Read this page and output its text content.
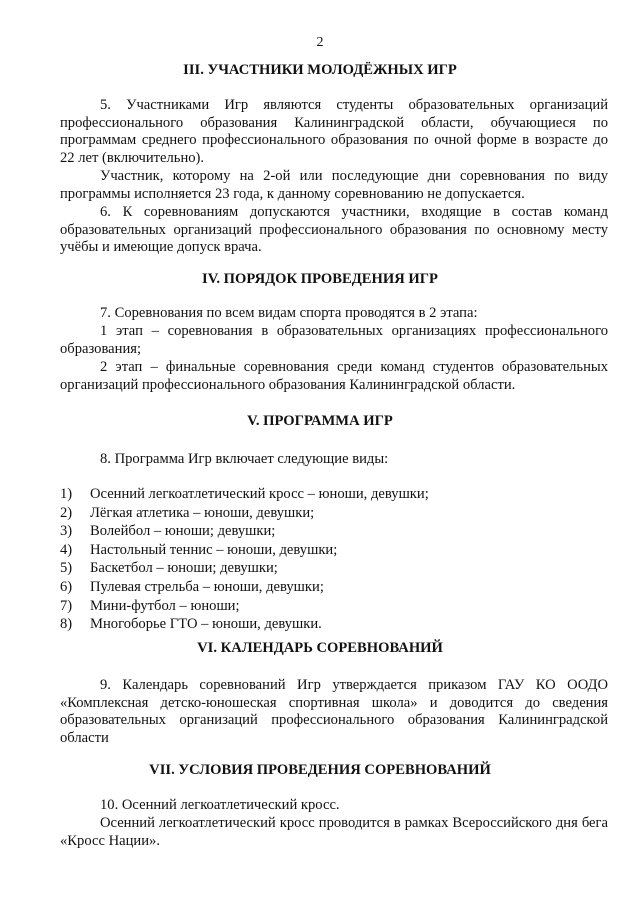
2
III. УЧАСТНИКИ МОЛОДЁЖНЫХ ИГР
5. Участниками Игр являются студенты образовательных организаций профессионального образования Калининградской области, обучающиеся по программам среднего профессионального образования по очной форме в возрасте до 22 лет (включительно).
Участник, которому на 2-ой или последующие дни соревнования по виду программы исполняется 23 года, к данному соревнованию не допускается.
6. К соревнованиям допускаются участники, входящие в состав команд образовательных организаций профессионального образования по основному месту учёбы и имеющие допуск врача.
IV. ПОРЯДОК ПРОВЕДЕНИЯ ИГР
7. Соревнования по всем видам спорта проводятся в 2 этапа:
1 этап – соревнования в образовательных организациях профессионального образования;
2 этап – финальные соревнования среди команд студентов образовательных организаций профессионального образования Калининградской области.
V. ПРОГРАММА ИГР
8. Программа Игр включает следующие виды:
1)	Осенний легкоатлетический кросс – юноши, девушки;
2)	Лёгкая атлетика – юноши, девушки;
3)	Волейбол – юноши; девушки;
4)	Настольный теннис – юноши, девушки;
5)	Баскетбол – юноши; девушки;
6)	Пулевая стрельба – юноши, девушки;
7)	Мини-футбол – юноши;
8)	Многоборье ГТО – юноши, девушки.
VI. КАЛЕНДАРЬ СОРЕВНОВАНИЙ
9. Календарь соревнований Игр утверждается приказом ГАУ КО ООДО «Комплексная детско-юношеская спортивная школа» и доводится до сведения образовательных организаций профессионального образования Калининградской области
VII. УСЛОВИЯ ПРОВЕДЕНИЯ СОРЕВНОВАНИЙ
10. Осенний легкоатлетический кросс.
Осенний легкоатлетический кросс проводится в рамках Всероссийского дня бега «Кросс Нации».
